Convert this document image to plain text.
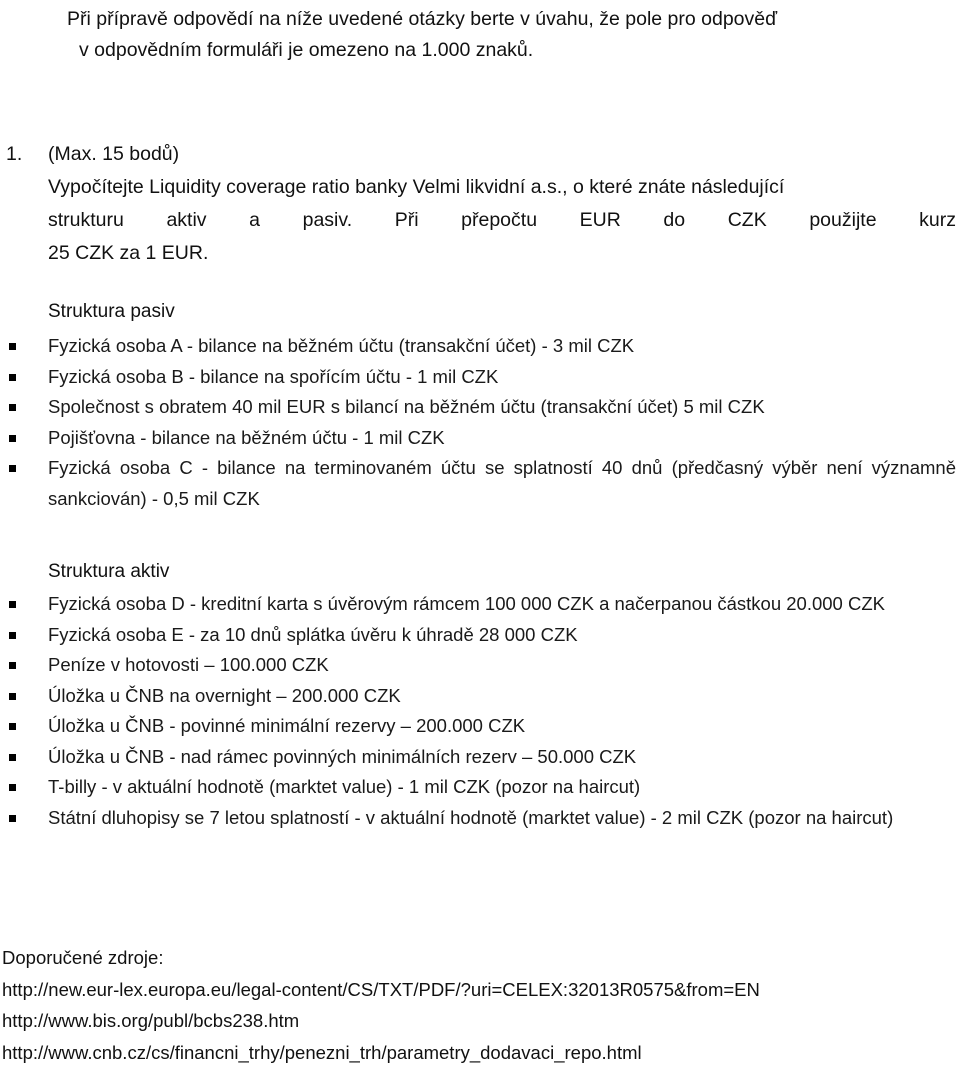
Při přípravě odpovědí na níže uvedené otázky berte v úvahu, že pole pro odpověď
v odpovědním formuláři je omezeno na 1.000 znaků.
1. (Max. 15 bodů)
Vypočítejte Liquidity coverage ratio banky Velmi likvidní a.s., o které znáte následující
strukturu aktiv a pasiv. Při přepočtu EUR do CZK použijte kurz
25 CZK za 1 EUR.
Struktura pasiv
Fyzická osoba A - bilance na běžném účtu (transakční účet) - 3 mil CZK
Fyzická osoba B - bilance na spořícím účtu - 1 mil CZK
Společnost s obratem 40 mil EUR s bilancí na běžném účtu (transakční účet) 5 mil CZK
Pojišťovna - bilance na běžném účtu - 1 mil CZK
Fyzická osoba C - bilance na terminovaném účtu se splatností 40 dnů (předčasný výběr není významně sankciován) - 0,5 mil CZK
Struktura aktiv
Fyzická osoba D - kreditní karta s úvěrovým rámcem 100 000 CZK a načerpanou částkou 20.000 CZK
Fyzická osoba E - za 10 dnů splátka úvěru k úhradě 28 000 CZK
Peníze v hotovosti – 100.000 CZK
Úložka u ČNB na overnight – 200.000 CZK
Úložka u ČNB - povinné minimální rezervy – 200.000 CZK
Úložka u ČNB - nad rámec povinných minimálních rezerv – 50.000 CZK
T-billy - v aktuální hodnotě (marktet value) - 1 mil CZK (pozor na haircut)
Státní dluhopisy se 7 letou splatností - v aktuální hodnotě (marktet value) - 2 mil CZK (pozor na haircut)
Doporučené zdroje:
http://new.eur-lex.europa.eu/legal-content/CS/TXT/PDF/?uri=CELEX:32013R0575&from=EN
http://www.bis.org/publ/bcbs238.htm
http://www.cnb.cz/cs/financni_trhy/penezni_trh/parametry_dodavaci_repo.html
